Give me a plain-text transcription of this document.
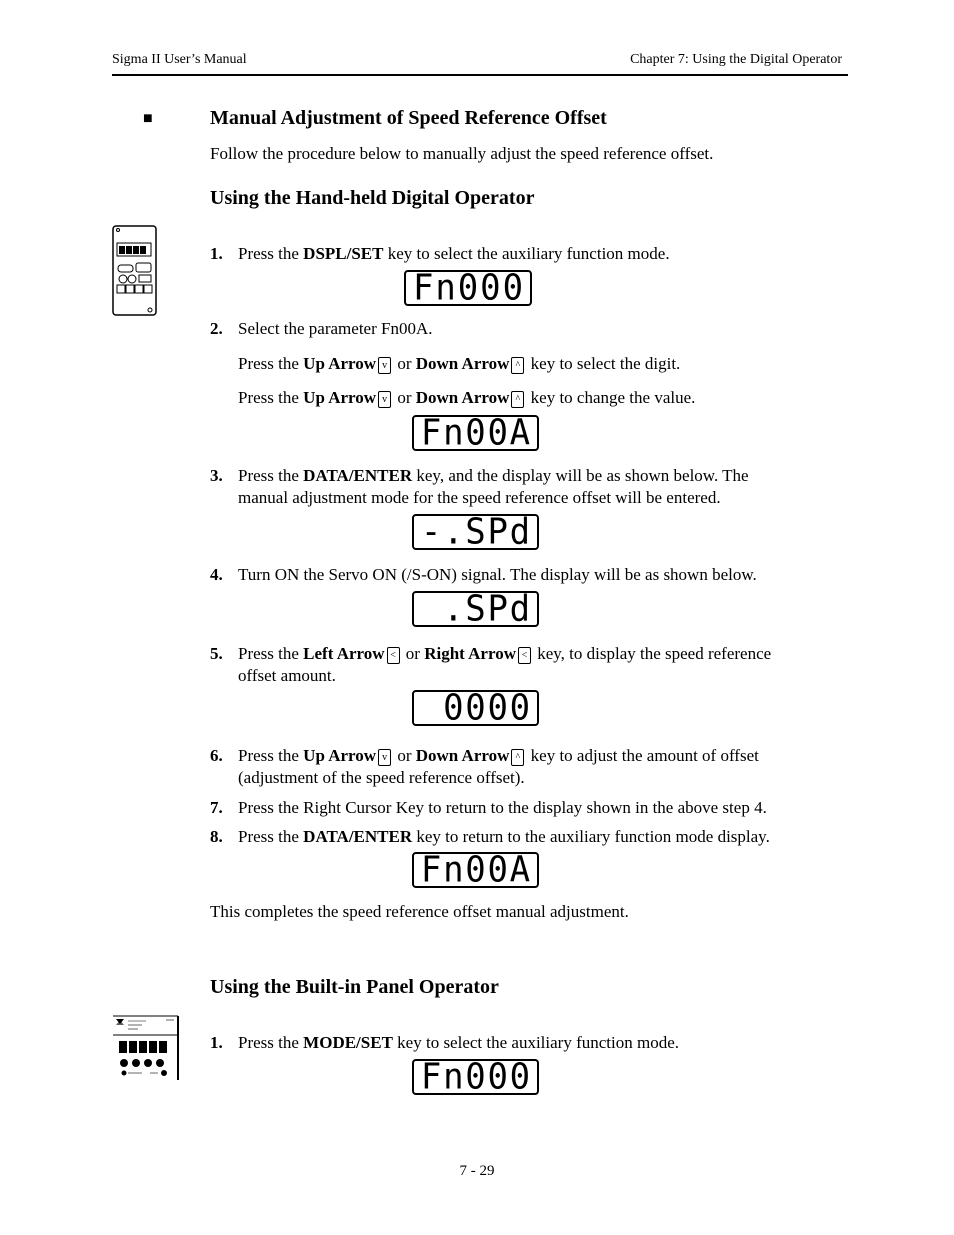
Sigma II User’s Manual	Chapter 7: Using the Digital Operator
■	Manual Adjustment of Speed Reference Offset
Follow the procedure below to manually adjust the speed reference offset.
Using the Hand-held Digital Operator
1. Press the DSPL/SET key to select the auxiliary function mode.
F n 0 0 0
2. Select the parameter Fn00A.
Press the Up Arrow v or Down Arrow ^ key to select the digit.
Press the Up Arrow v or Down Arrow ^ key to change the value.
F n 0 0 A
3. Press the DATA/ENTER key, and the display will be as shown below. The
manual adjustment mode for the speed reference offset will be entered.
- . S P d
4. Turn ON the Servo ON (/S-ON) signal. The display will be as shown below.
. S P d
5. Press the Left Arrow < or Right Arrow < key, to display the speed reference
offset amount.
0 0 0 0
6. Press the Up Arrow v or Down Arrow ^ key to adjust the amount of offset
(adjustment of the speed reference offset).
7. Press the Right Cursor Key to return to the display shown in the above step 4.
8. Press the DATA/ENTER key to return to the auxiliary function mode display.
F n 0 0 A
This completes the speed reference offset manual adjustment.
Using the Built-in Panel Operator
1. Press the MODE/SET key to select the auxiliary function mode.
F n 0 0 0
7 - 29
